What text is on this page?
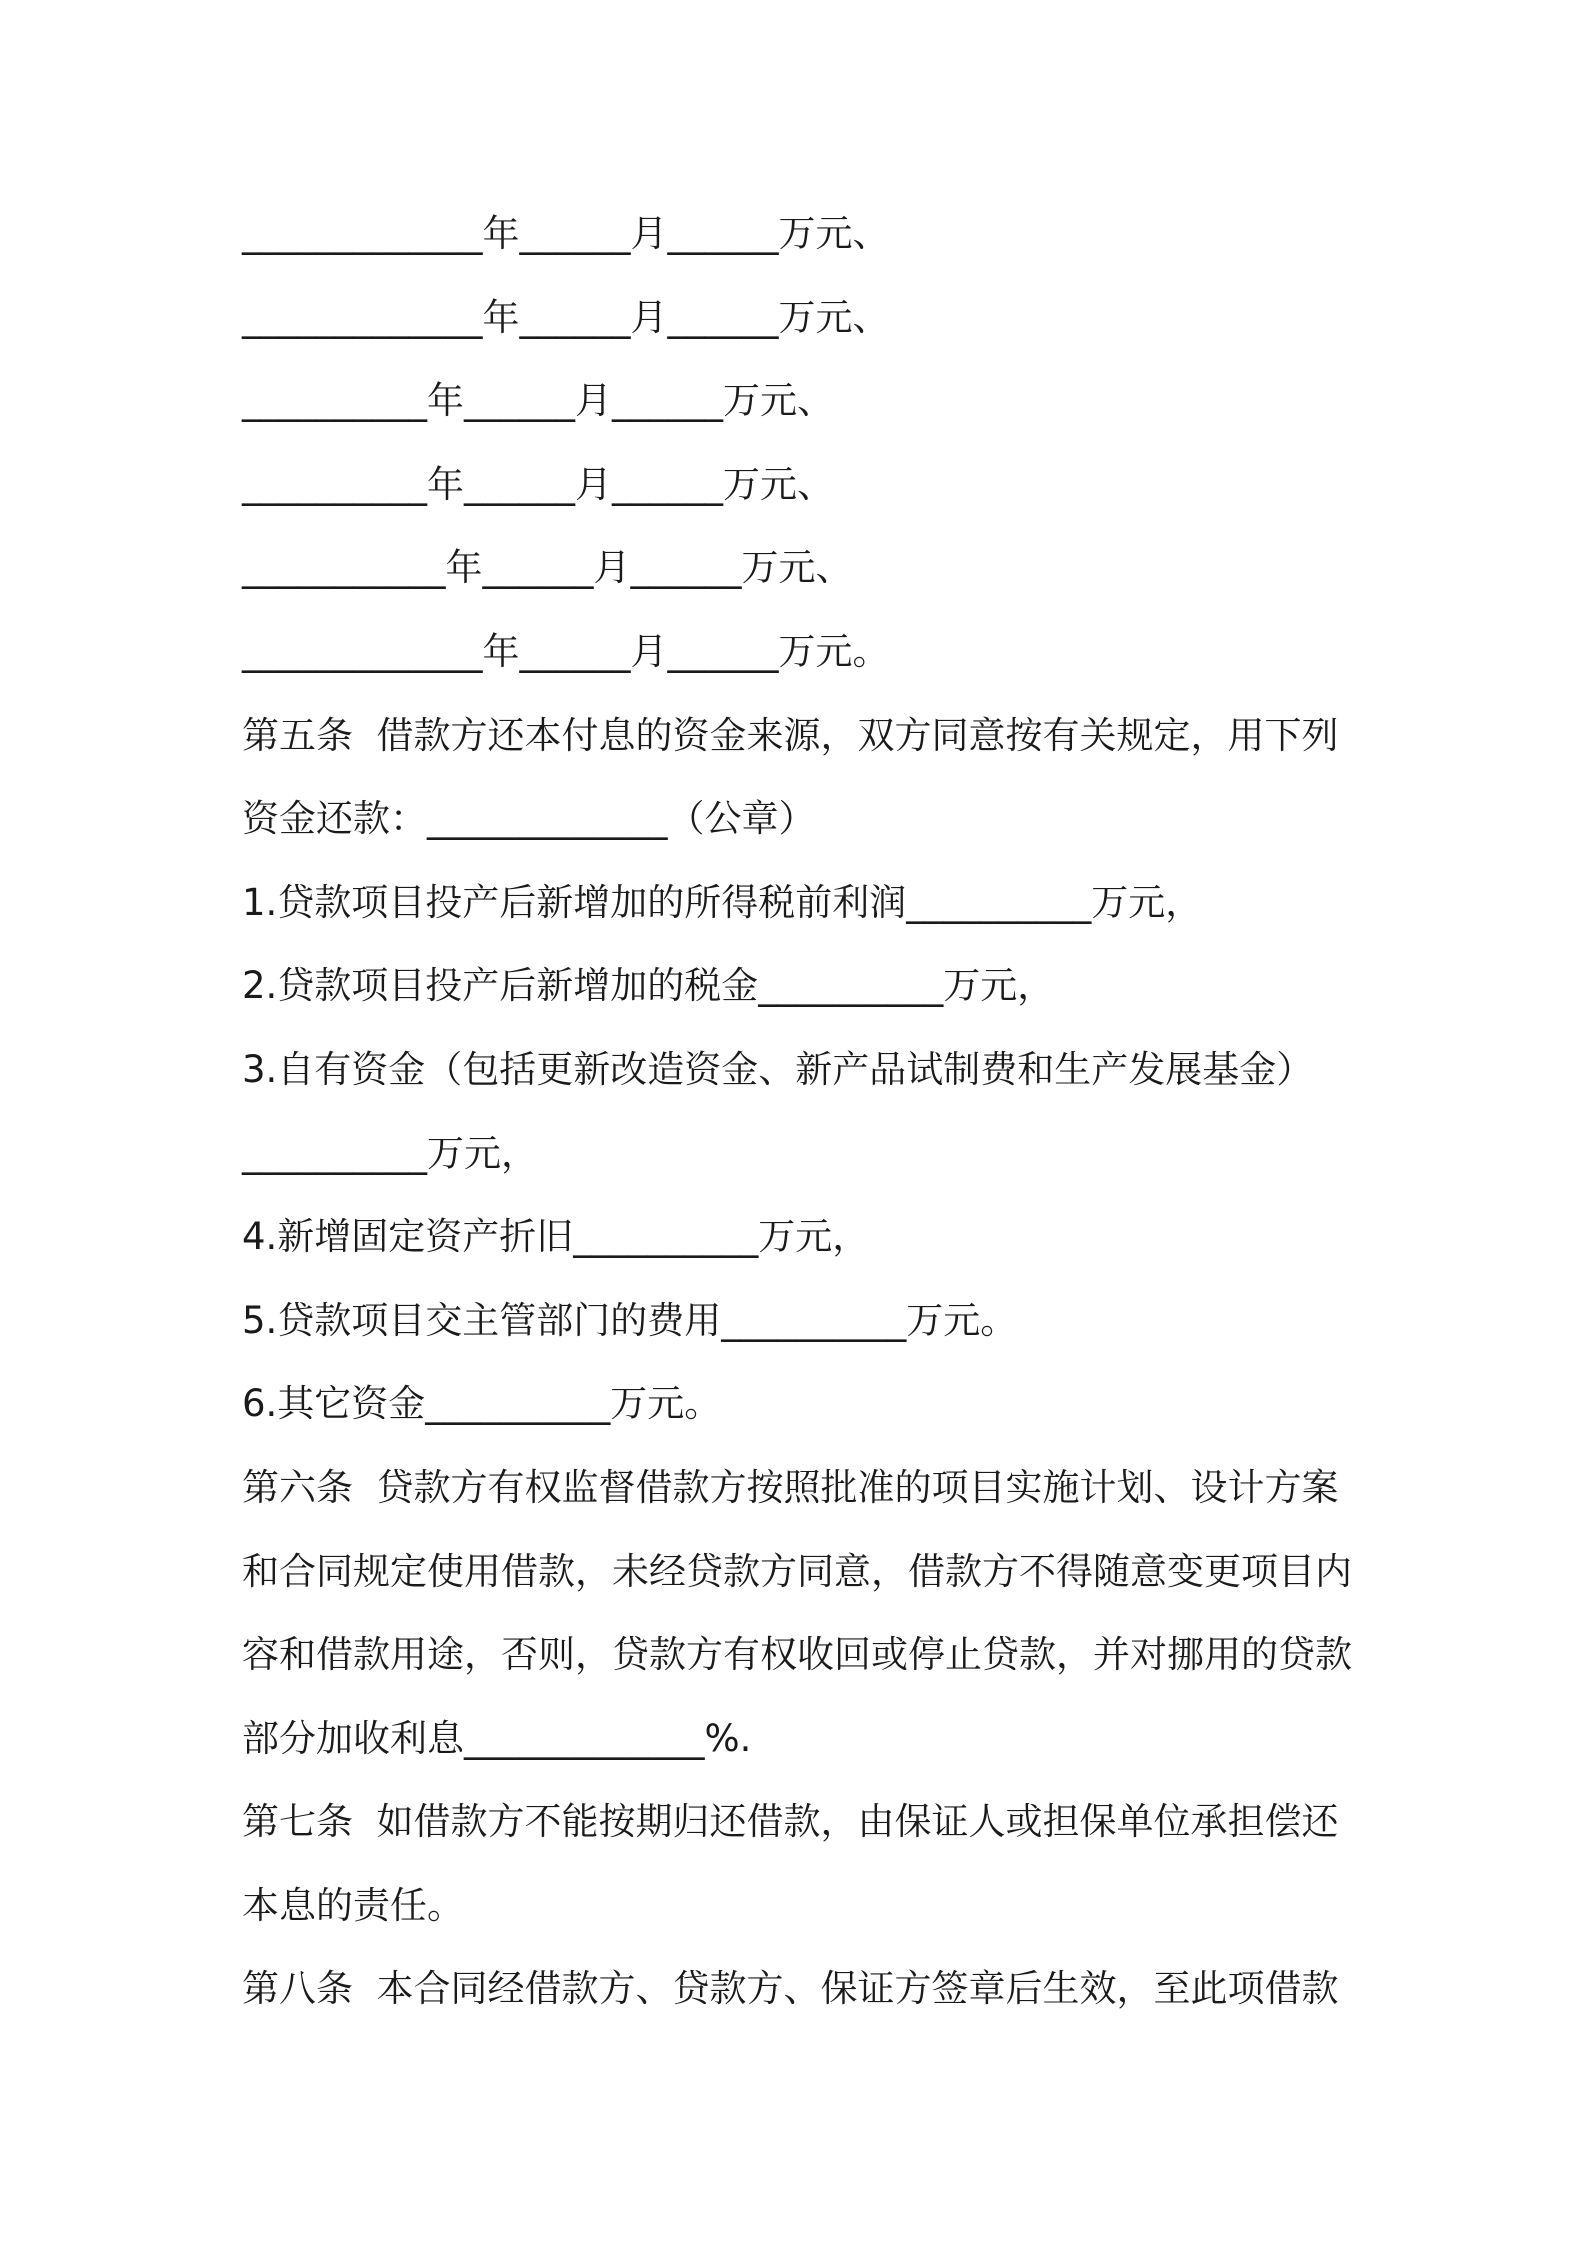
_____________年______月______万元、
_____________年______月______万元、
__________年______月______万元、
__________年______月______万元、
___________年______月______万元、
_____________年______月______万元。
第五条  借款方还本付息的资金来源，双方同意按有关规定，用下列
资金还款：_____________（公章）
1.贷款项目投产后新增加的所得税前利润__________万元，
2.贷款项目投产后新增加的税金__________万元，
3.自有资金（包括更新改造资金、新产品试制费和生产发展基金）
__________万元，
4.新增固定资产折旧__________万元，
5.贷款项目交主管部门的费用__________万元。
6.其它资金__________万元。
第六条  贷款方有权监督借款方按照批准的项目实施计划、设计方案
和合同规定使用借款，未经贷款方同意，借款方不得随意变更项目内
容和借款用途，否则，贷款方有权收回或停止贷款，并对挪用的贷款
部分加收利息_____________%.
第七条  如借款方不能按期归还借款，由保证人或担保单位承担偿还
本息的责任。
第八条  本合同经借款方、贷款方、保证方签章后生效，至此项借款
